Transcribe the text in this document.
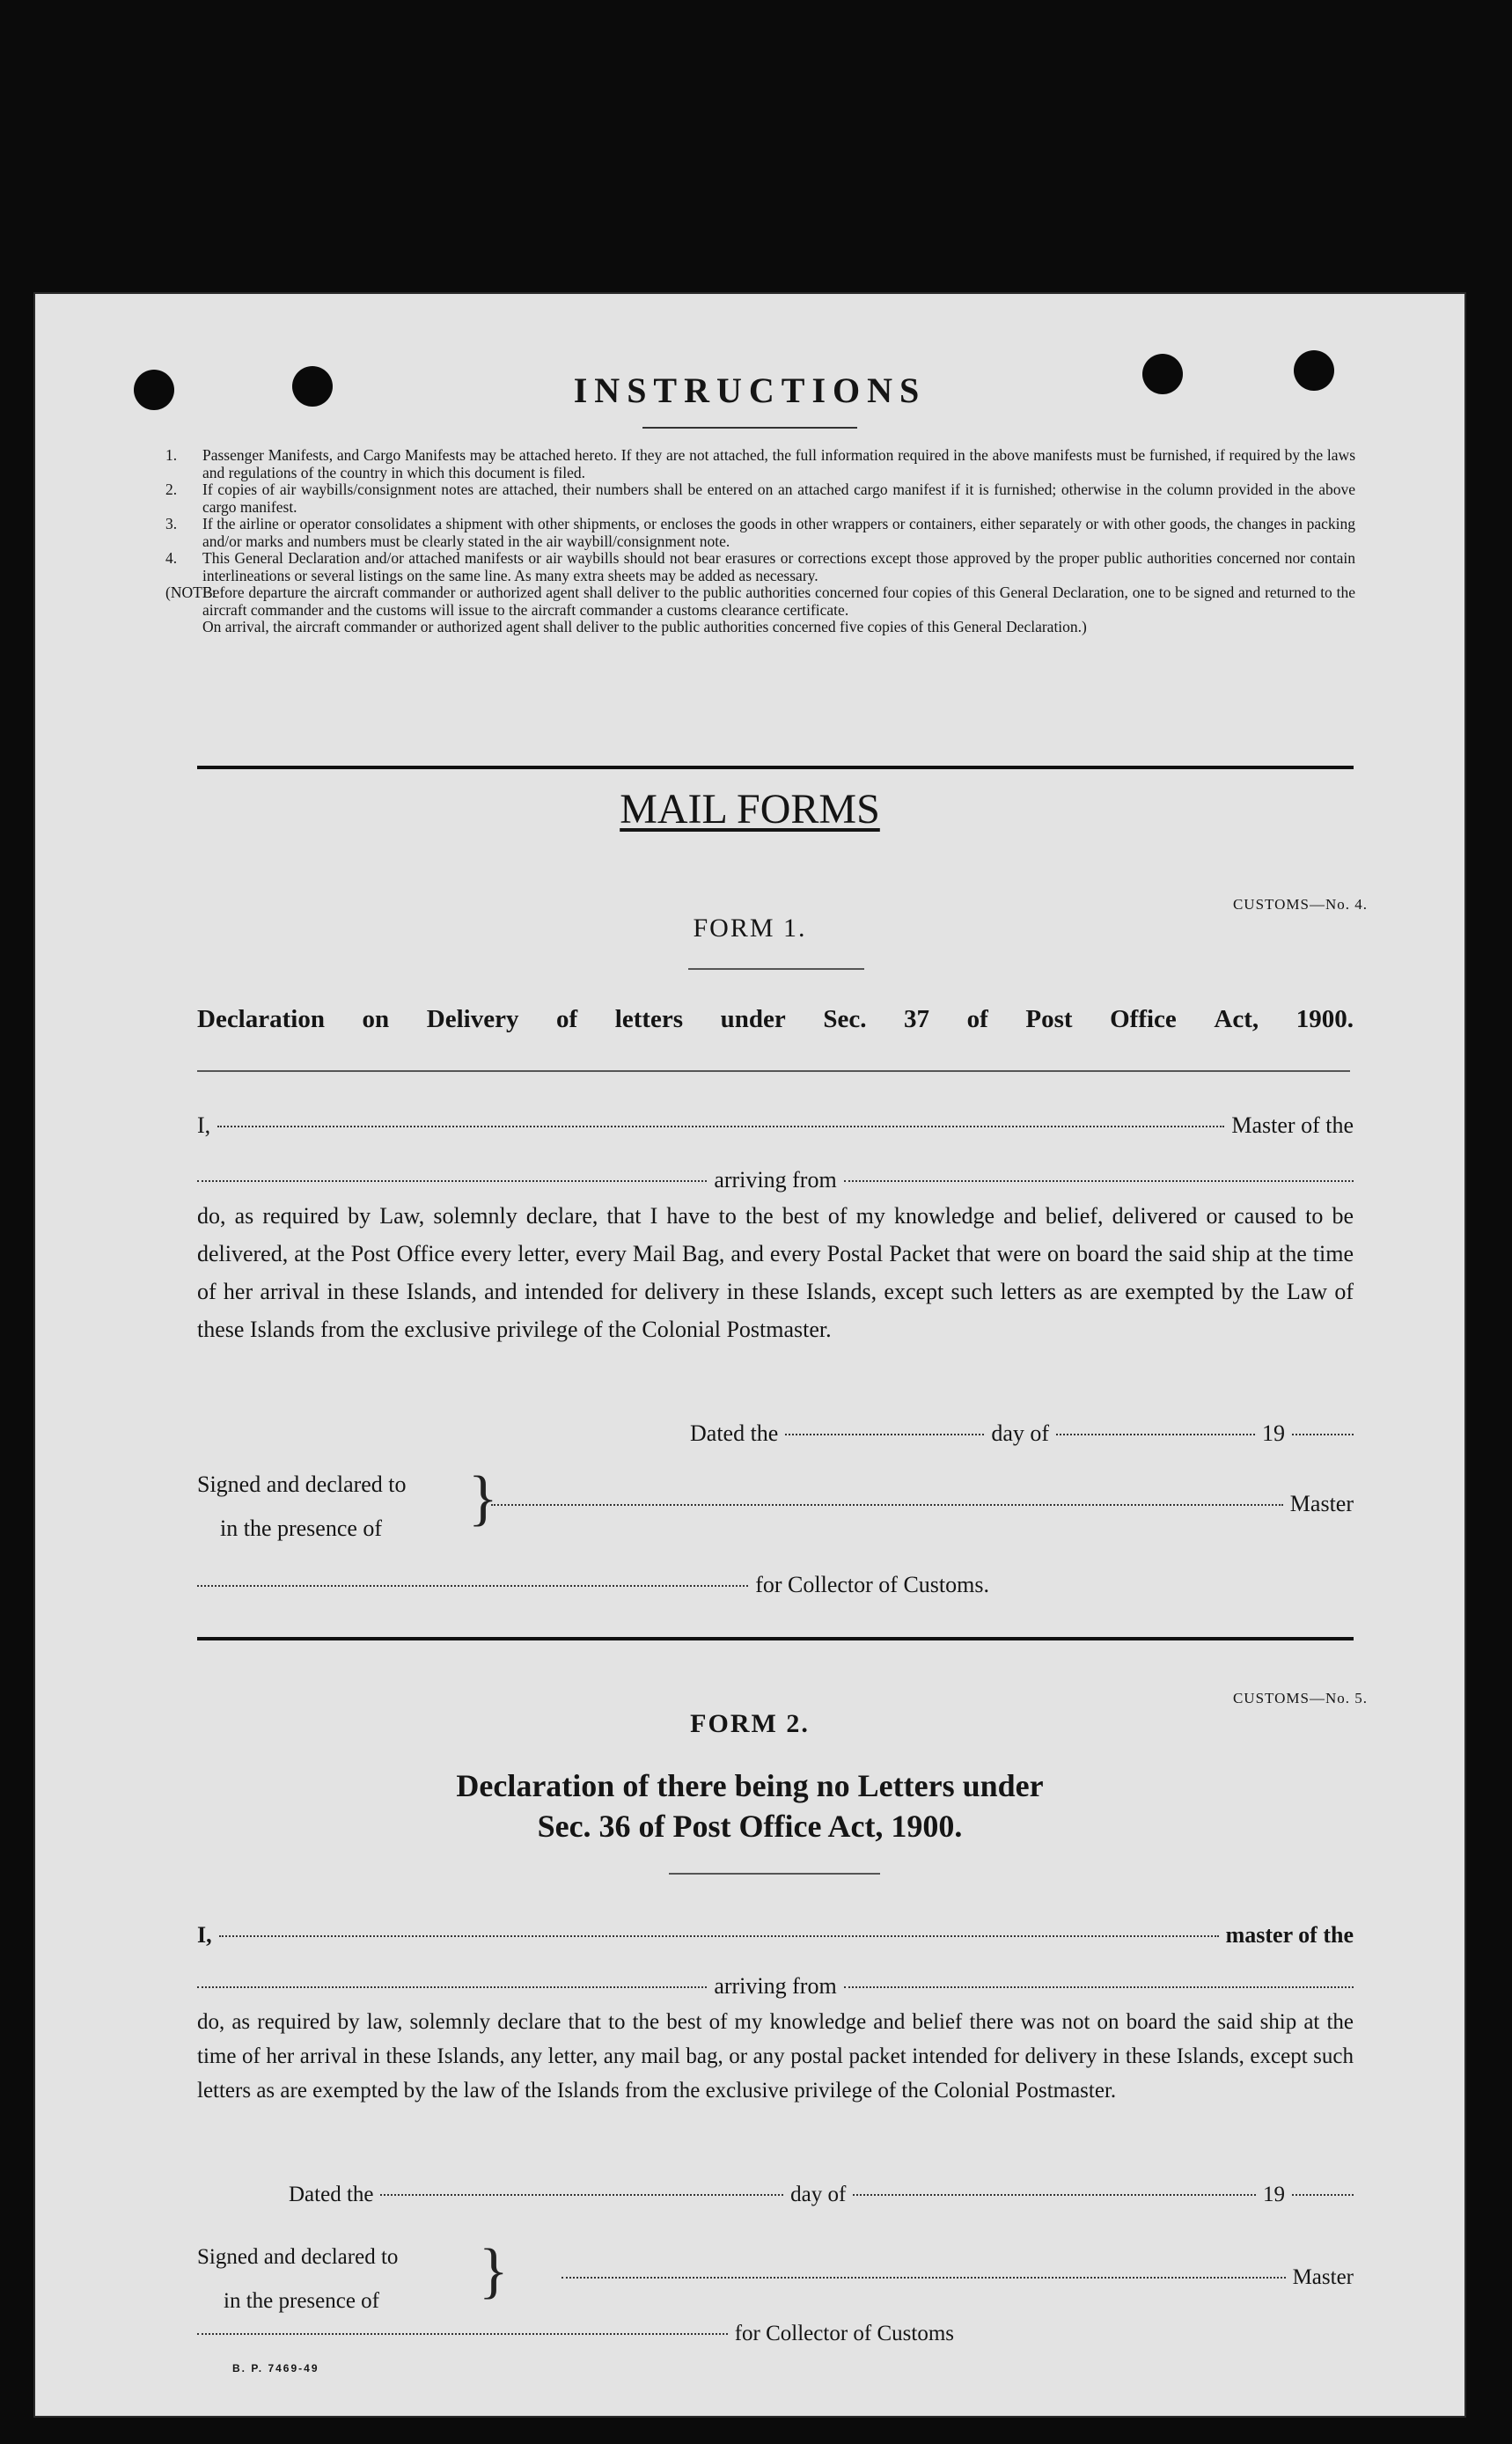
INSTRUCTIONS
1. Passenger Manifests, and Cargo Manifests may be attached hereto. If they are not attached, the full information required in the above manifests must be furnished, if required by the laws and regulations of the country in which this document is filed.
2. If copies of air waybills/consignment notes are attached, their numbers shall be entered on an attached cargo manifest if it is furnished; otherwise in the column provided in the above cargo manifest.
3. If the airline or operator consolidates a shipment with other shipments, or encloses the goods in other wrappers or containers, either separately or with other goods, the changes in packing and/or marks and numbers must be clearly stated in the air waybill/consignment note.
4. This General Declaration and/or attached manifests or air waybills should not bear erasures or corrections except those approved by the proper public authorities concerned nor contain interlineations or several listings on the same line. As many extra sheets may be added as necessary.
(NOTE:

Before departure the aircraft commander or authorized agent shall deliver to the public authorities concerned four copies of this General Declaration, one to be signed and returned to the aircraft commander and the customs will issue to the aircraft commander a customs clearance certificate.

On arrival, the aircraft commander or authorized agent shall deliver to the public authorities concerned five copies of this General Declaration.)

MAIL FORMS
CUSTOMS—No. 4.
FORM 1.
Declaration on Delivery of letters under Sec. 37 of Post Office Act, 1900.
I,	Master of the
arriving from
do, as required by Law, solemnly declare, that I have to the best of my knowledge and belief, delivered or caused to be delivered, at the Post Office every letter, every Mail Bag, and every Postal Packet that were on board the said ship at the time of her arrival in these Islands, and intended for delivery in these Islands, except such letters as are exempted by the Law of these Islands from the exclusive privilege of the Colonial Postmaster.
Dated the	day of	19
Signed and declared to
in the presence of	}	Master
for Collector of Customs.
CUSTOMS—No. 5.
FORM 2.
Declaration of there being no Letters under
Sec. 36 of Post Office Act, 1900.
I,	master of the
arriving from
do, as required by law, solemnly declare that to the best of my knowledge and belief there was not on board the said ship at the time of her arrival in these Islands, any letter, any mail bag, or any postal packet intended for delivery in these Islands, except such letters as are exempted by the law of the Islands from the exclusive privilege of the Colonial Postmaster.
Dated the	day of	19
Signed and declared to
in the presence of	}	Master
for Collector of Customs
B. P. 7469-49
